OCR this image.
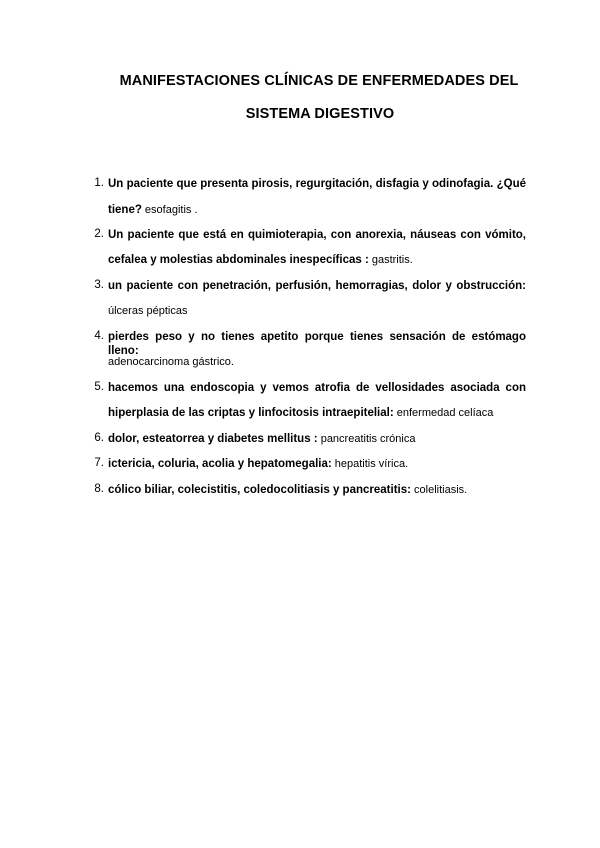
MANIFESTACIONES CLÍNICAS DE ENFERMEDADES DEL
SISTEMA DIGESTIVO
1. Un paciente que presenta pirosis, regurgitación, disfagia y odinofagia. ¿Qué
tiene? esofagitis .
2. Un paciente que está en quimioterapia, con anorexia, náuseas con vómito,
cefalea y molestias abdominales inespecíficas : gastritis.
3. un paciente con penetración, perfusión, hemorragias, dolor y obstrucción:
úlceras pépticas
4. pierdes peso y no tienes apetito porque tienes sensación de estómago lleno:
adenocarcinoma gástrico.
5. hacemos una endoscopia y vemos atrofia de vellosidades asociada con
hiperplasia de las criptas y linfocitosis intraepitelial: enfermedad celíaca
6. dolor, esteatorrea y diabetes mellitus : pancreatitis crónica
7. ictericia, coluria, acolia y hepatomegalia: hepatitis vírica.
8. cólico biliar, colecistitis, coledocolitiasis y pancreatitis: colelitiasis.
